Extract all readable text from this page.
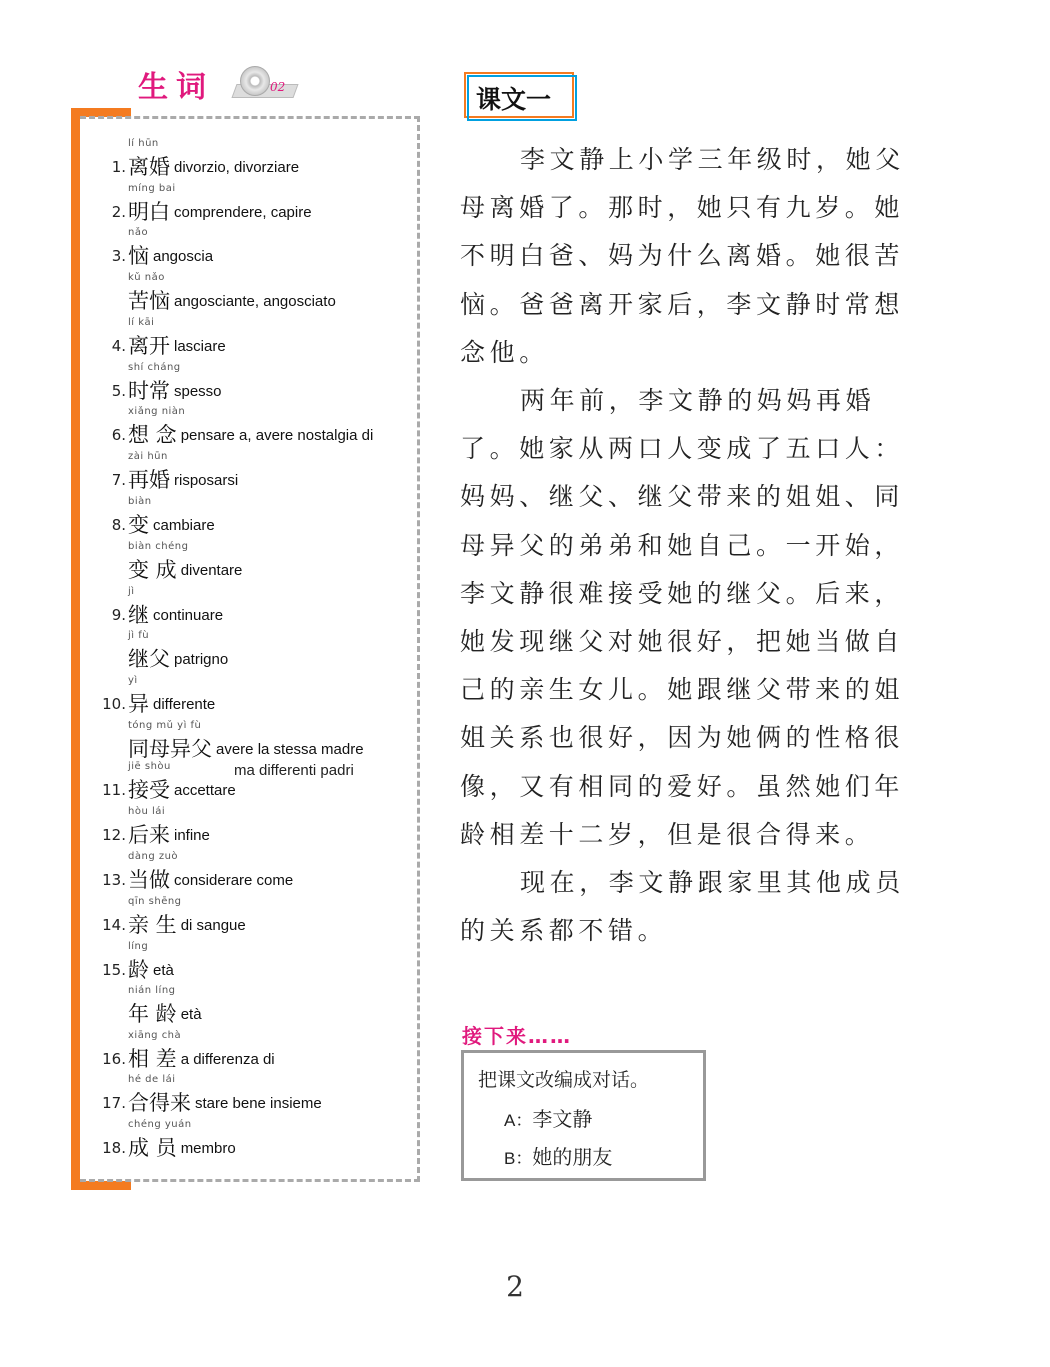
生词	02
1.
lí hūn
离婚 divorzio, divorziare
2.
míng bai
明白 comprendere, capire
3.
nǎo
恼 angoscia
kǔ nǎo
苦恼 angosciante, angosciato
4.
lí kāi
离开 lasciare
5.
shí cháng
时常 spesso
6.
xiǎng niàn
想 念 pensare a, avere nostalgia di
7.
zài hūn
再婚 risposarsi
8.
biàn
变 cambiare
biàn chéng
变 成 diventare
9.
jì
继 continuare
jì fù
继父 patrigno
10.
yì
异 differente
tóng mǔ yì fù
同母异父 avere la stessa madre
ma differenti padri
11.
jiē shòu
接受 accettare
12.
hòu lái
后来 infine
13.
dàng zuò
当做 considerare come
14.
qīn shēng
亲 生 di sangue
15.
líng
龄 età
nián líng
年 龄 età
16.
xiāng chà
相 差 a differenza di
17.
hé de lái
合得来 stare bene insieme
18.
chéng yuán
成 员 membro
课文一

李文静上小学三年级时，她父母离婚了。那时，她只有九岁。她不明白爸、妈为什么离婚。她很苦恼。爸爸离开家后，李文静时常想念他。

两年前，李文静的妈妈再婚了。她家从两口人变成了五口人：妈妈、继父、继父带来的姐姐、同母异父的弟弟和她自己。一开始，李文静很难接受她的继父。后来，她发现继父对她很好，把她当做自己的亲生女儿。她跟继父带来的姐姐关系也很好，因为她俩的性格很像，又有相同的爱好。虽然她们年龄相差十二岁，但是很合得来。

现在，李文静跟家里其他成员的关系都不错。

接下来……
把课文改编成对话。
A：李文静
B：她的朋友
2
